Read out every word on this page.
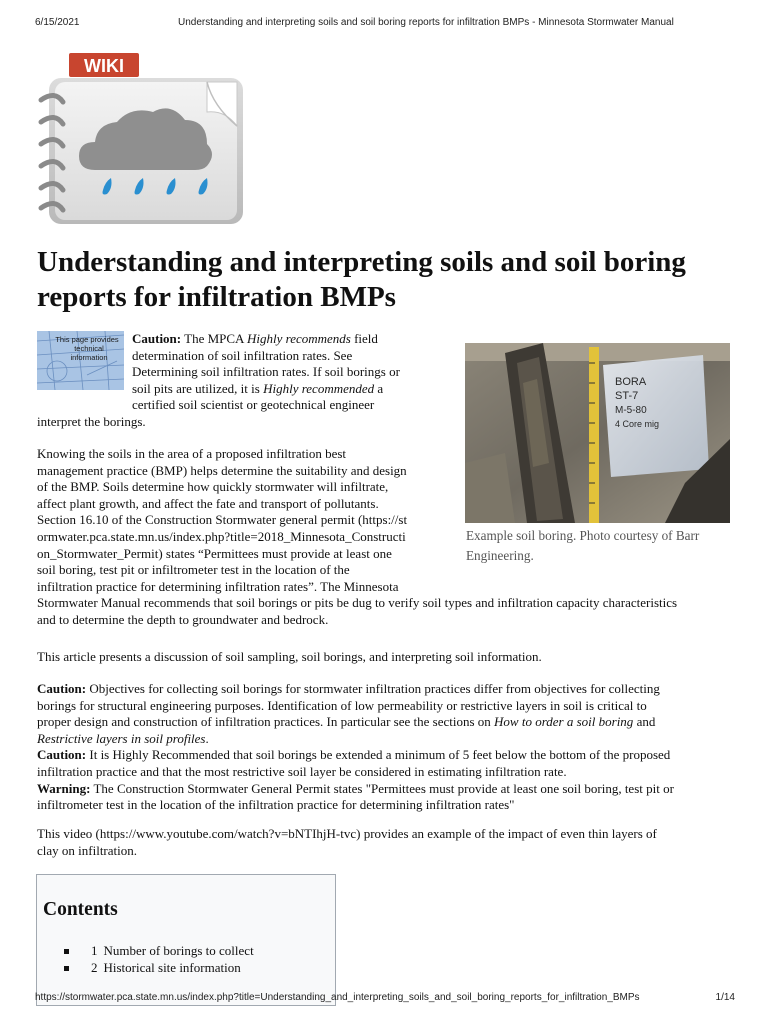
6/15/2021	Understanding and interpreting soils and soil boring reports for infiltration BMPs - Minnesota Stormwater Manual
WIKI
Understanding and interpreting soils and soil boring
reports for infiltration BMPs
This page provides
technical
information
Caution: The MPCA Highly recommends field
determination of soil infiltration rates. See
Determining soil infiltration rates. If soil borings or
soil pits are utilized, it is Highly recommended a
certified soil scientist or geotechnical engineer
interpret the borings.
BORA
ST-7
M-5-80
4 Core mig
Example soil boring. Photo courtesy of Barr
Engineering.
Knowing the soils in the area of a proposed infiltration best
management practice (BMP) helps determine the suitability and design
of the BMP. Soils determine how quickly stormwater will infiltrate,
affect plant growth, and affect the fate and transport of pollutants.
Section 16.10 of the Construction Stormwater general permit (https://st
ormwater.pca.state.mn.us/index.php?title=2018_Minnesota_Constructi
on_Stormwater_Permit) states “Permittees must provide at least one
soil boring, test pit or infiltrometer test in the location of the
infiltration practice for determining infiltration rates”. The Minnesota
Stormwater Manual recommends that soil borings or pits be dug to verify soil types and infiltration capacity characteristics
and to determine the depth to groundwater and bedrock.
This article presents a discussion of soil sampling, soil borings, and interpreting soil information.
Caution: Objectives for collecting soil borings for stormwater infiltration practices differ from objectives for collecting
borings for structural engineering purposes. Identification of low permeability or restrictive layers in soil is critical to
proper design and construction of infiltration practices. In particular see the sections on How to order a soil boring and
Restrictive layers in soil profiles.
Caution: It is Highly Recommended that soil borings be extended a minimum of 5 feet below the bottom of the proposed
infiltration practice and that the most restrictive soil layer be considered in estimating infiltration rate.
Warning: The Construction Stormwater General Permit states "Permittees must provide at least one soil boring, test pit or
infiltrometer test in the location of the infiltration practice for determining infiltration rates"
This video (https://www.youtube.com/watch?v=bNTIhjH-tvc) provides an example of the impact of even thin layers of
clay on infiltration.
Contents
1 Number of borings to collect
2 Historical site information
https://stormwater.pca.state.mn.us/index.php?title=Understanding_and_interpreting_soils_and_soil_boring_reports_for_infiltration_BMPs	1/14
